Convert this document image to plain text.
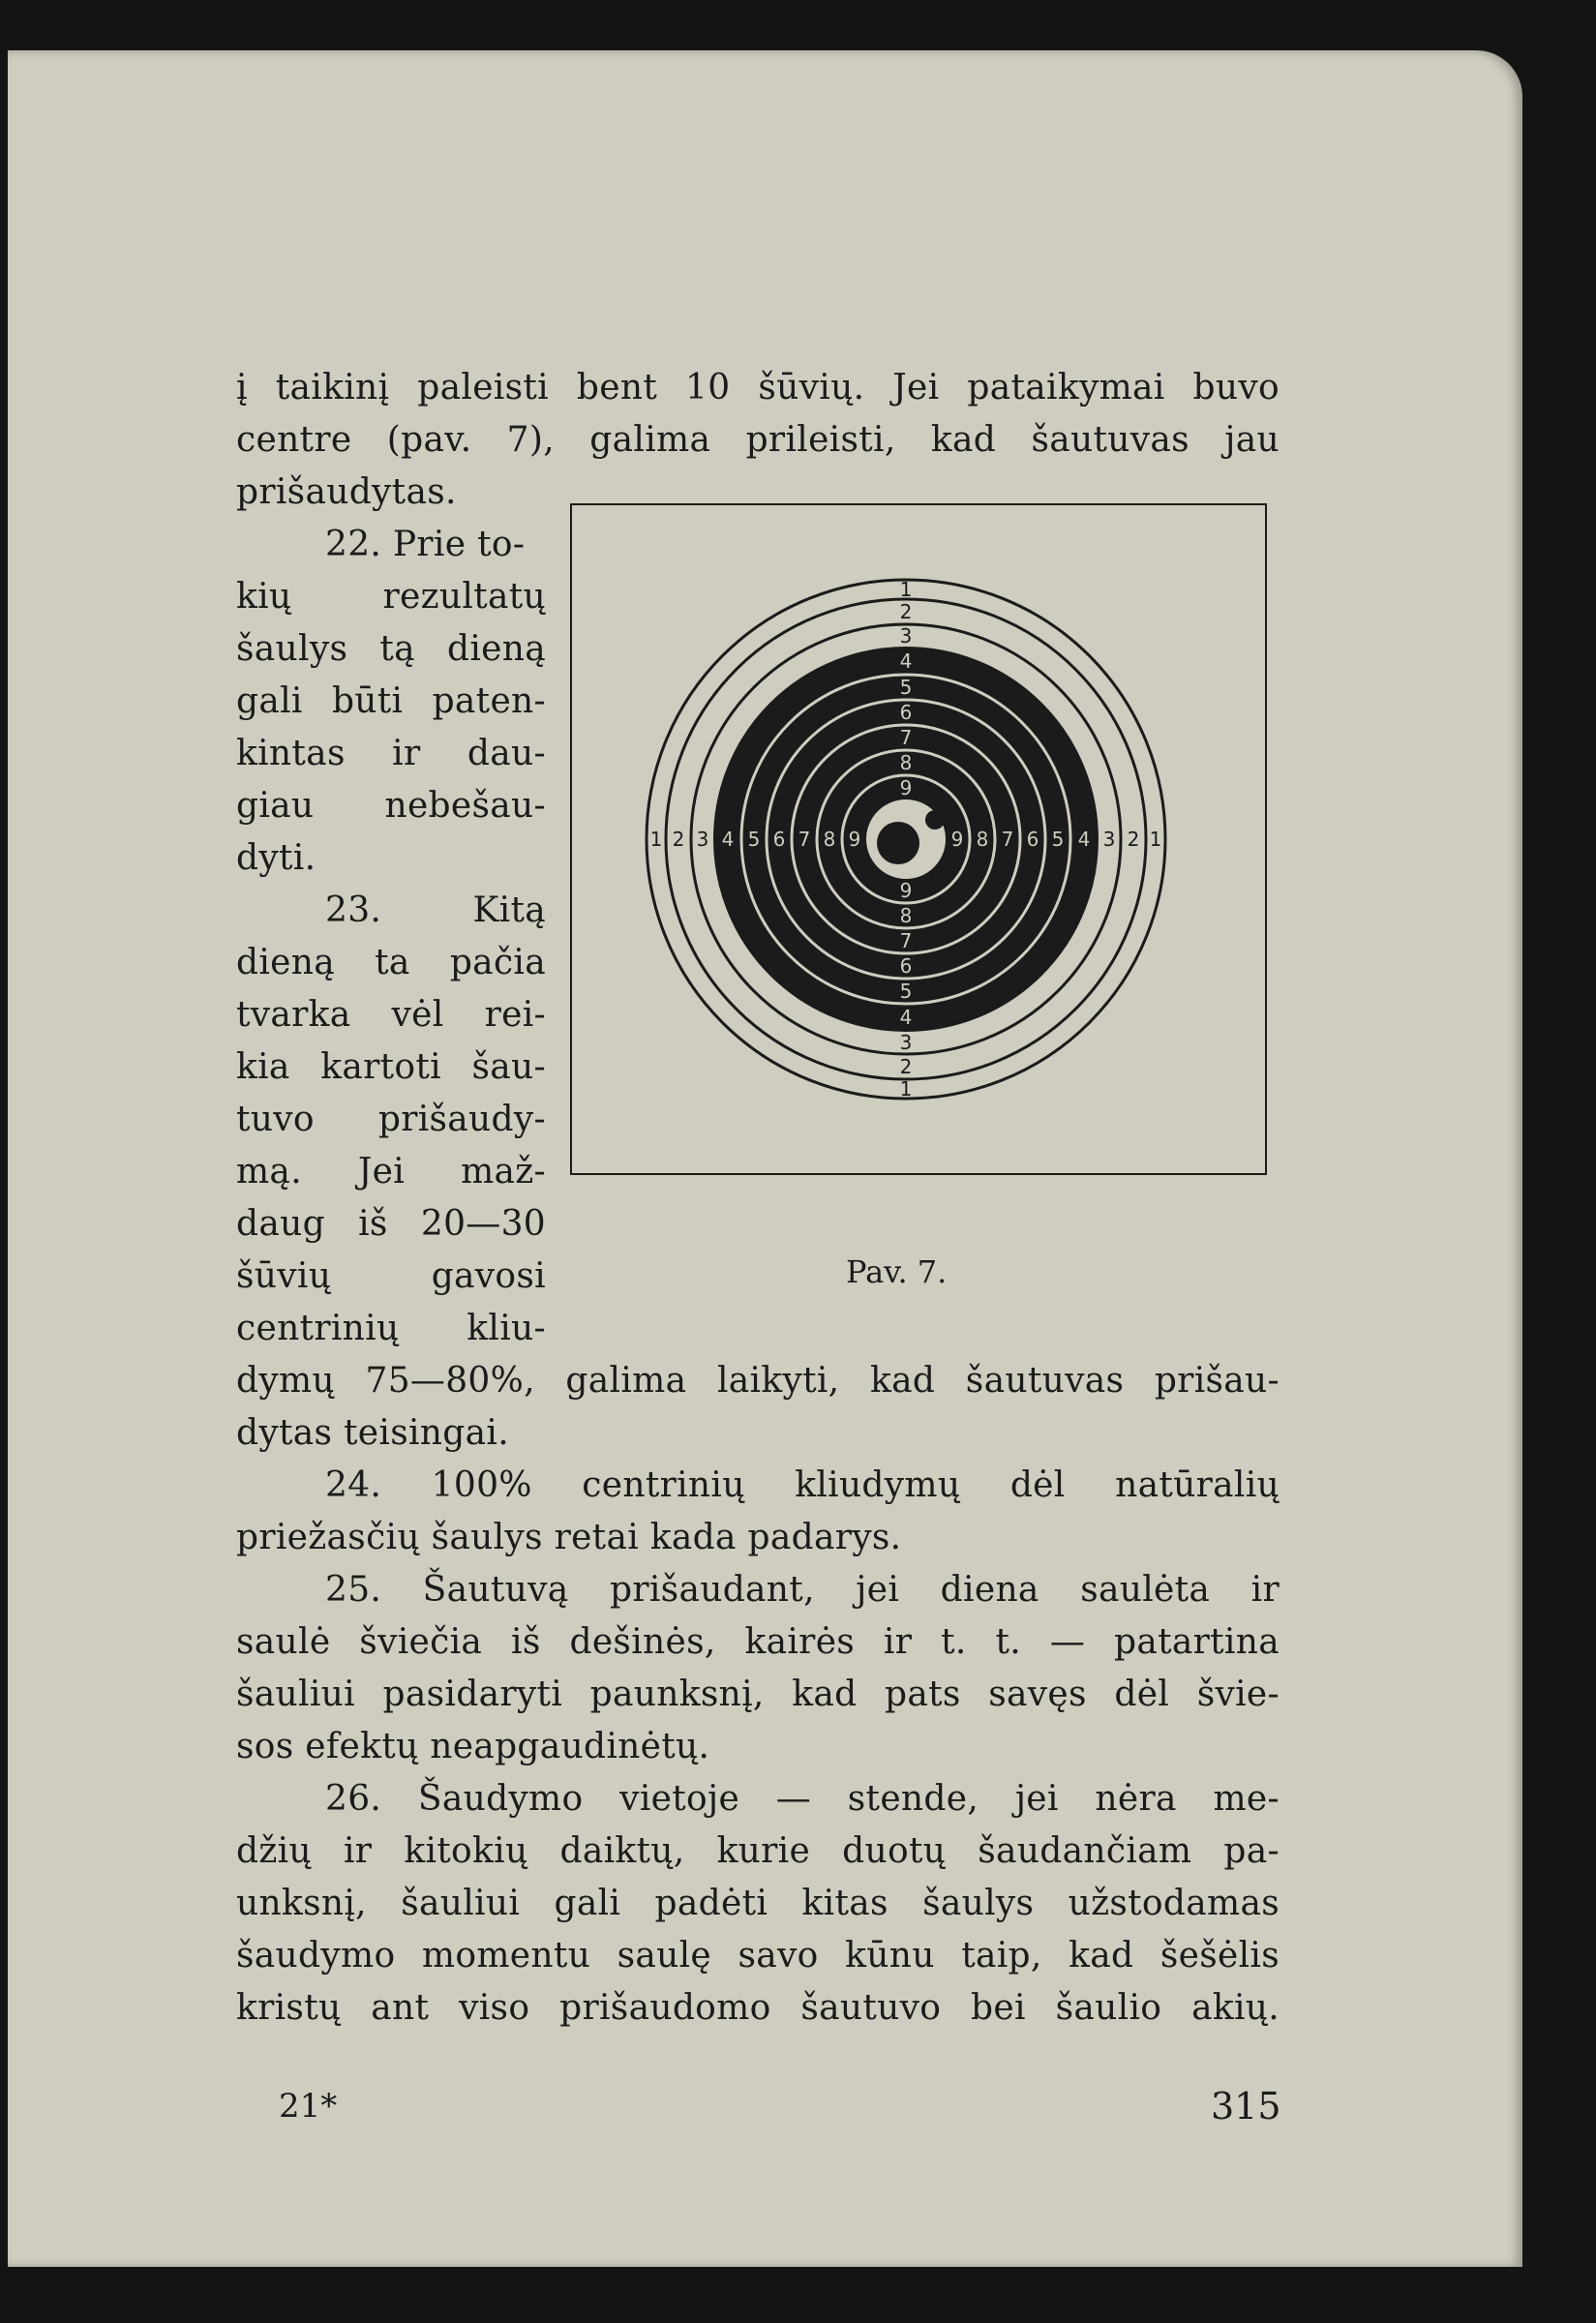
į taikinį paleisti bent 10 šūvių. Jei pataikymai buvo
centre (pav. 7), galima prileisti, kad šautuvas jau
prišaudytas.
22. Prie to-
kių rezultatų
šaulys tą dieną
gali būti paten-
kintas ir dau-
giau nebešau-
dyti.
23. Kitą
dieną ta pačia
tvarka vėl rei-
kia kartoti šau-
tuvo prišaudy-
mą. Jei maž-
daug iš 20—30
šūvių gavosi
centrinių kliu-
1	1
1
1
2	2
2
2
3	3
3
3
4	4
4
4
5	5
5
5
6	6
6
6
7	7
7
7
8	8
8
8
9	9
9
9
Pav. 7.
dymų 75—80%, galima laikyti, kad šautuvas prišau-
dytas teisingai.
24. 100% centrinių kliudymų dėl natūralių
priežasčių šaulys retai kada padarys.
25. Šautuvą prišaudant, jei diena saulėta ir
saulė šviečia iš dešinės, kairės ir t. t. — patartina
šauliui pasidaryti paunksnį, kad pats savęs dėl švie-
sos efektų neapgaudinėtų.
26. Šaudymo vietoje — stende, jei nėra me-
džių ir kitokių daiktų, kurie duotų šaudančiam pa-
unksnį, šauliui gali padėti kitas šaulys užstodamas
šaudymo momentu saulę savo kūnu taip, kad šešėlis
kristų ant viso prišaudomo šautuvo bei šaulio akių.
21*	315
